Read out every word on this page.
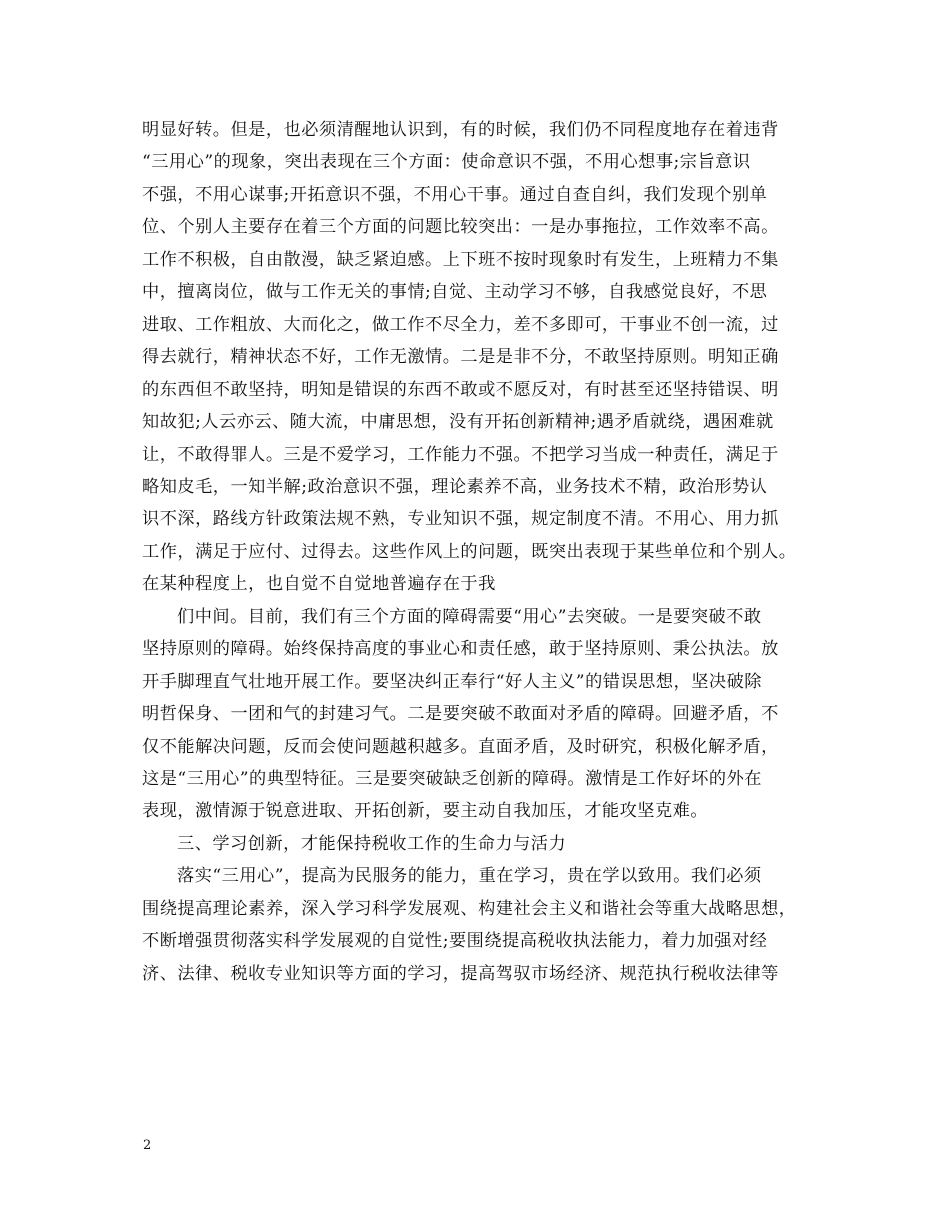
明显好转。但是，也必须清醒地认识到，有的时候，我们仍不同程度地存在着违背
“三用心”的现象，突出表现在三个方面：使命意识不强，不用心想事;宗旨意识
不强，不用心谋事;开拓意识不强，不用心干事。通过自查自纠，我们发现个别单
位、个别人主要存在着三个方面的问题比较突出：一是办事拖拉，工作效率不高。
工作不积极，自由散漫，缺乏紧迫感。上下班不按时现象时有发生，上班精力不集
中，擅离岗位，做与工作无关的事情;自觉、主动学习不够，自我感觉良好，不思
进取、工作粗放、大而化之，做工作不尽全力，差不多即可，干事业不创一流，过
得去就行，精神状态不好，工作无激情。二是是非不分，不敢坚持原则。明知正确
的东西但不敢坚持，明知是错误的东西不敢或不愿反对，有时甚至还坚持错误、明
知故犯;人云亦云、随大流，中庸思想，没有开拓创新精神;遇矛盾就绕，遇困难就
让，不敢得罪人。三是不爱学习，工作能力不强。不把学习当成一种责任，满足于
略知皮毛，一知半解;政治意识不强，理论素养不高，业务技术不精，政治形势认
识不深，路线方针政策法规不熟，专业知识不强，规定制度不清。不用心、用力抓
工作，满足于应付、过得去。这些作风上的问题，既突出表现于某些单位和个别人。
在某种程度上，也自觉不自觉地普遍存在于我
们中间。目前，我们有三个方面的障碍需要“用心”去突破。一是要突破不敢
坚持原则的障碍。始终保持高度的事业心和责任感，敢于坚持原则、秉公执法。放
开手脚理直气壮地开展工作。要坚决纠正奉行“好人主义”的错误思想，坚决破除
明哲保身、一团和气的封建习气。二是要突破不敢面对矛盾的障碍。回避矛盾，不
仅不能解决问题，反而会使问题越积越多。直面矛盾，及时研究，积极化解矛盾，
这是“三用心”的典型特征。三是要突破缺乏创新的障碍。激情是工作好坏的外在
表现，激情源于锐意进取、开拓创新，要主动自我加压，才能攻坚克难。
三、学习创新，才能保持税收工作的生命力与活力
落实“三用心”，提高为民服务的能力，重在学习，贵在学以致用。我们必须
围绕提高理论素养，深入学习科学发展观、构建社会主义和谐社会等重大战略思想，
不断增强贯彻落实科学发展观的自觉性;要围绕提高税收执法能力，着力加强对经
济、法律、税收专业知识等方面的学习，提高驾驭市场经济、规范执行税收法律等
2
